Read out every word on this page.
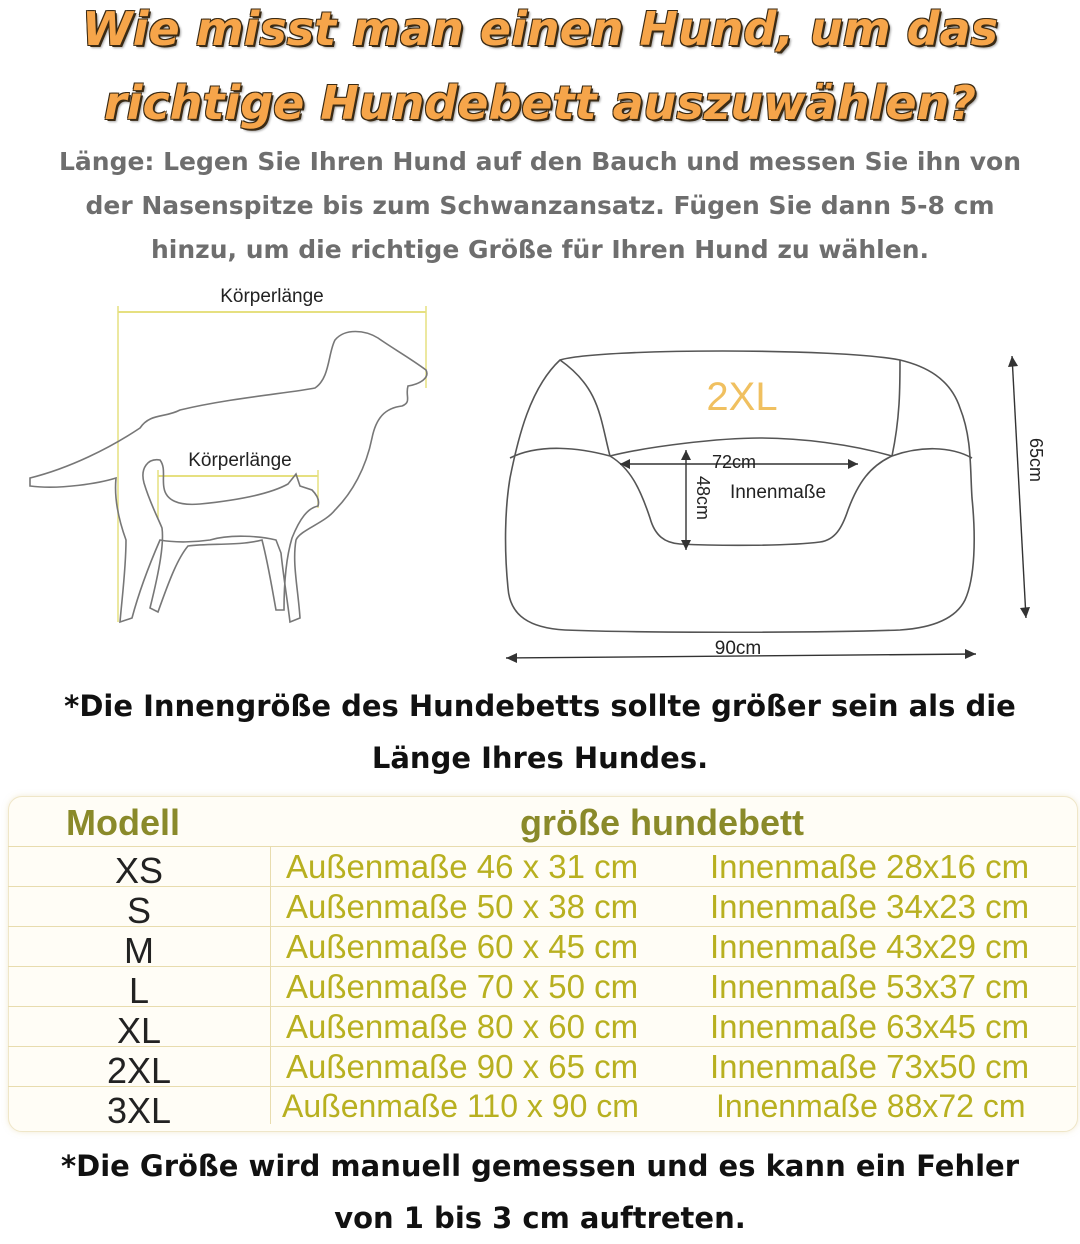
Wie misst man einen Hund, um das
richtige Hundebett auszuwählen?
Länge: Legen Sie Ihren Hund auf den Bauch und messen Sie ihn von
der Nasenspitze bis zum Schwanzansatz. Fügen Sie dann 5-8 cm
hinzu, um die richtige Größe für Ihren Hund zu wählen.
Körperlänge
Körperlänge
2XL
72cm
48cm Innenmaße
65cm
90cm
*Die Innengröße des Hundebetts sollte größer sein als die
Länge Ihres Hundes.
Modell	größe hundebett
XS	Außenmaße 46 x 31 cm Innenmaße 28x16 cm
S	Außenmaße 50 x 38 cm Innenmaße 34x23 cm
M	Außenmaße 60 x 45 cm Innenmaße 43x29 cm
L	Außenmaße 70 x 50 cm Innenmaße 53x37 cm
XL	Außenmaße 80 x 60 cm Innenmaße 63x45 cm
2XL	Außenmaße 90 x 65 cm Innenmaße 73x50 cm
3XL	Außenmaße 110 x 90 cm Innenmaße 88x72 cm
*Die Größe wird manuell gemessen und es kann ein Fehler
von 1 bis 3 cm auftreten.
